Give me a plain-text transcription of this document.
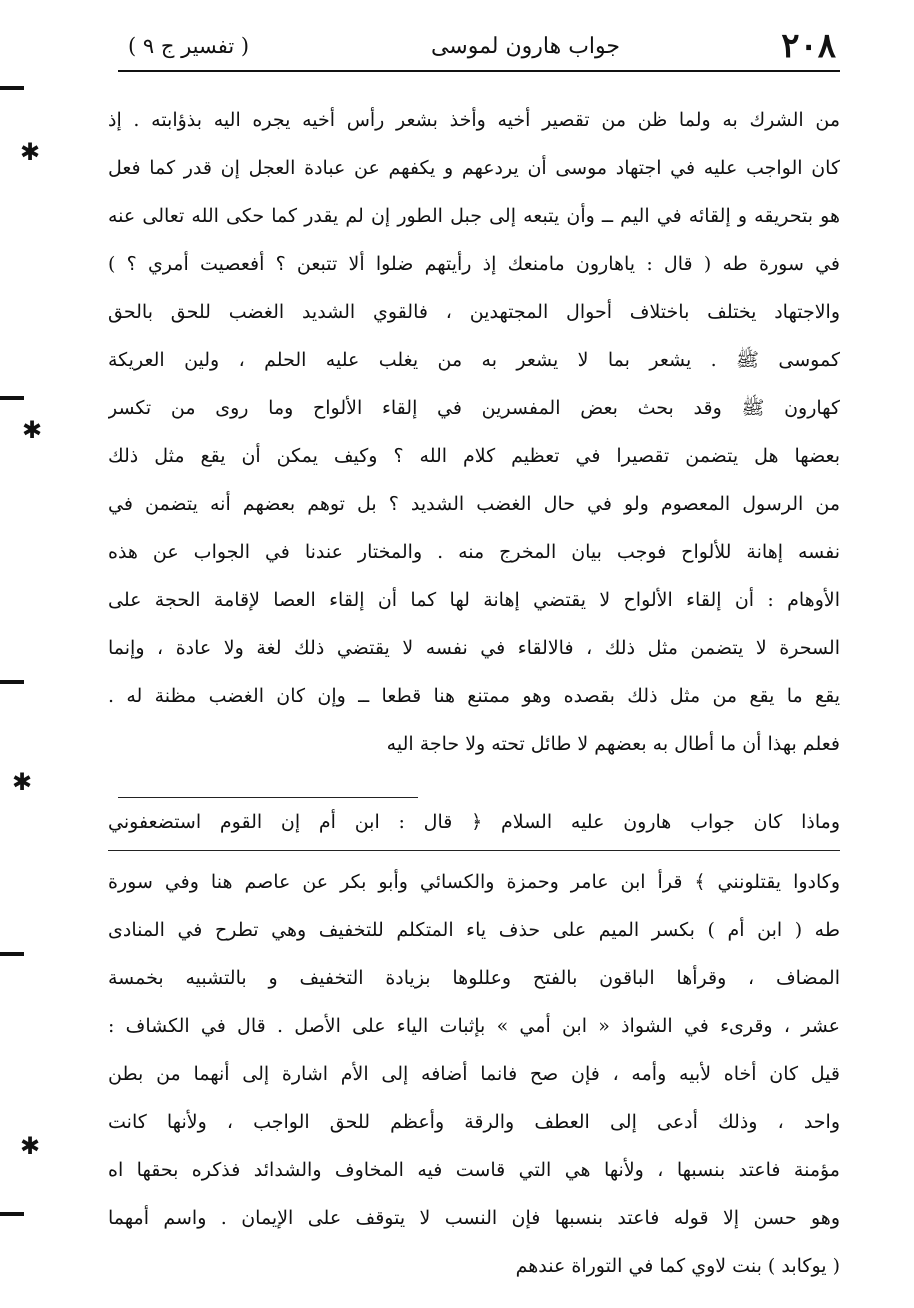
٢٠٨
جواب هارون لموسى
( تفسير ج ٩ )
من الشرك به ولما ظن من تقصير أخيه وأخذ بشعر رأس أخيه يجره اليه بذؤابته . إذ
كان الواجب عليه في اجتهاد موسى أن يردعهم و يكفهم عن عبادة العجل إن قدر كما فعل
هو بتحريقه و إلقائه في اليم ــ وأن يتبعه إلى جبل الطور إن لم يقدر كما حكى الله تعالى عنه
في سورة طه ( قال : ياهارون مامنعك إذ رأيتهم ضلوا ألا تتبعن ؟ أفعصيت أمري ؟ )
والاجتهاد يختلف باختلاف أحوال المجتهدين ، فالقوي الشديد الغضب للحق بالحق
كموسى ﷺ . يشعر بما لا يشعر به من يغلب عليه الحلم ، ولين العريكة
كهارون ﷺ وقد بحث بعض المفسرين في إلقاء الألواح وما روى من تكسر
بعضها هل يتضمن تقصيرا في تعظيم كلام الله ؟ وكيف يمكن أن يقع مثل ذلك
من الرسول المعصوم ولو في حال الغضب الشديد ؟ بل توهم بعضهم أنه يتضمن في
نفسه إهانة للألواح فوجب بيان المخرج منه . والمختار عندنا في الجواب عن هذه
الأوهام : أن إلقاء الألواح لا يقتضي إهانة لها كما أن إلقاء العصا لإقامة الحجة على
السحرة لا يتضمن مثل ذلك ، فالالقاء في نفسه لا يقتضي ذلك لغة ولا عادة ، وإنما
يقع ما يقع من مثل ذلك بقصده وهو ممتنع هنا قطعا ــ وإن كان الغضب مظنة له .
فعلم بهذا أن ما أطال به بعضهم لا طائل تحته ولا حاجة اليه
وماذا كان جواب هارون عليه السلام ﴿ قال : ابن أم إن القوم استضعفوني
وكادوا يقتلونني ﴾ قرأ ابن عامر وحمزة والكسائي وأبو بكر عن عاصم هنا وفي سورة
طه ( ابن أم ) بكسر الميم على حذف ياء المتكلم للتخفيف وهي تطرح في المنادى
المضاف ، وقرأها الباقون بالفتح وعللوها بزيادة التخفيف و بالتشبيه بخمسة
عشر ، وقرىء في الشواذ « ابن أمي » بإثبات الياء على الأصل . قال في الكشاف :
قيل كان أخاه لأبيه وأمه ، فإن صح فانما أضافه إلى الأم اشارة إلى أنهما من بطن
واحد ، وذلك أدعى إلى العطف والرقة وأعظم للحق الواجب ، ولأنها كانت
مؤمنة فاعتد بنسبها ، ولأنها هي التي قاست فيه المخاوف والشدائد فذكره بحقها اه
وهو حسن إلا قوله فاعتد بنسبها فإن النسب لا يتوقف على الإيمان . واسم أمهما
( يوكابد ) بنت لاوي كما في التوراة عندهم
✱
✱
✱
✱
